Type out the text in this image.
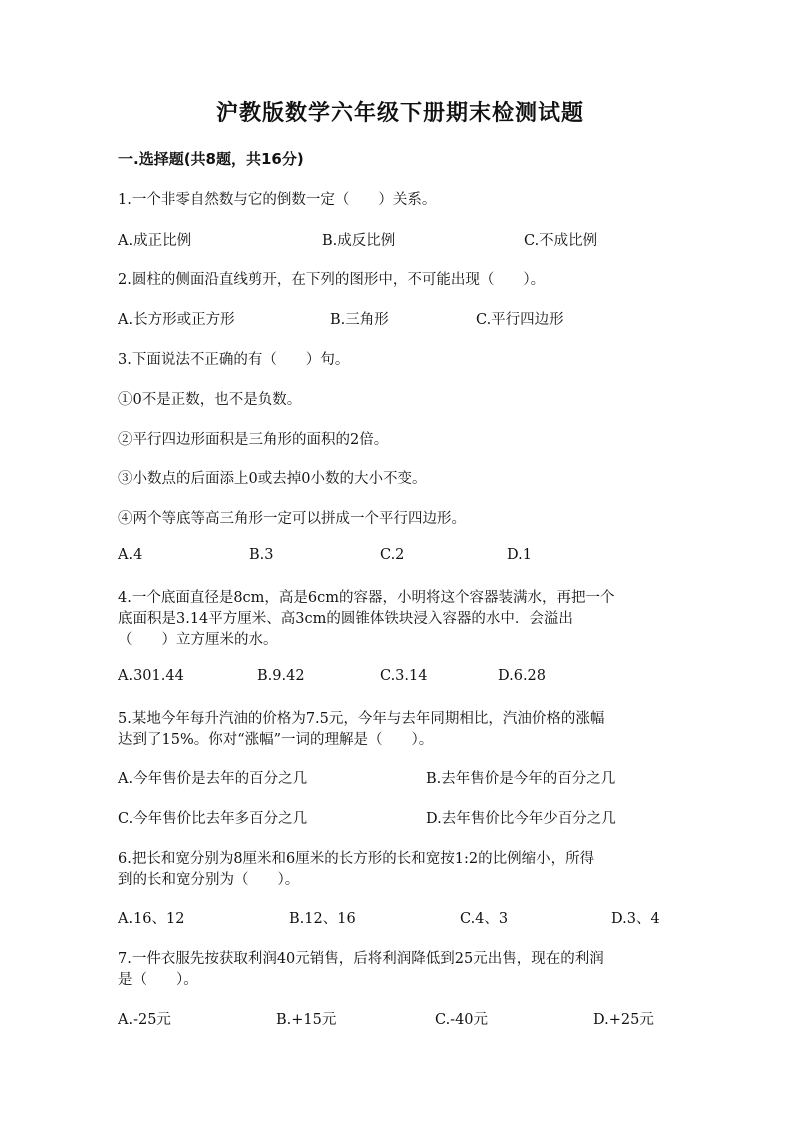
沪教版数学六年级下册期末检测试题
一.选择题(共8题，共16分)
1.一个非零自然数与它的倒数一定（　　）关系。
A.成正比例	B.成反比例	C.不成比例
2.圆柱的侧面沿直线剪开，在下列的图形中，不可能出现（　　）。
A.长方形或正方形	B.三角形	C.平行四边形
3.下面说法不正确的有（　　）句。
①0不是正数，也不是负数。
②平行四边形面积是三角形的面积的2倍。
③小数点的后面添上0或去掉0小数的大小不变。
④两个等底等高三角形一定可以拼成一个平行四边形。
A.4	B.3	C.2	D.1
4.一个底面直径是8cm，高是6cm的容器，小明将这个容器装满水，再把一个
底面积是3.14平方厘米、高3cm的圆锥体铁块浸入容器的水中．会溢出
（　　）立方厘米的水。
A.301.44	B.9.42	C.3.14	D.6.28
5.某地今年每升汽油的价格为7.5元，今年与去年同期相比，汽油价格的涨幅
达到了15%。你对“涨幅”一词的理解是（　　）。
A.今年售价是去年的百分之几	B.去年售价是今年的百分之几
C.今年售价比去年多百分之几	D.去年售价比今年少百分之几
6.把长和宽分别为8厘米和6厘米的长方形的长和宽按1:2的比例缩小，所得
到的长和宽分别为（　　）。
A.16、12	B.12、16	C.4、3	D.3、4
7.一件衣服先按获取利润40元销售，后将利润降低到25元出售，现在的利润
是（　　）。
A.-25元	B.+15元	C.-40元	D.+25元
